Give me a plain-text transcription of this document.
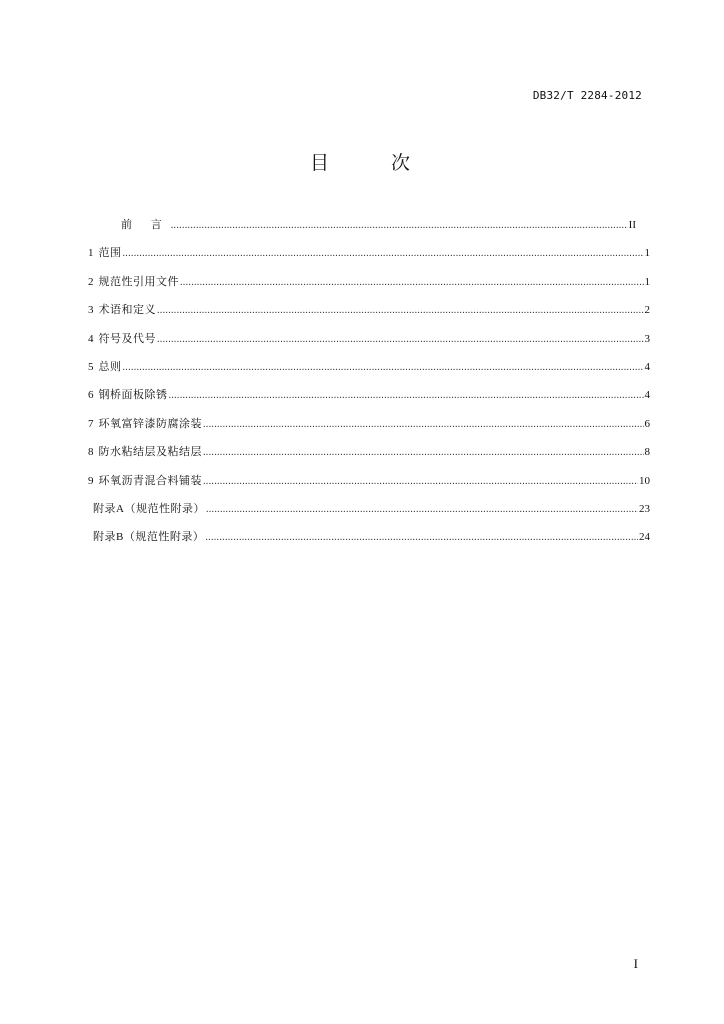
DB32/T 2284-2012
目 次
前 言 .....	II
1 范围 .....	1
2 规范性引用文件 .....	1
3 术语和定义 .....	2
4 符号及代号 .....	3
5 总则 .....	4
6 钢桥面板除锈 .....	4
7 环氧富锌漆防腐涂装 .....	6
8 防水粘结层及粘结层 .....	8
9 环氧沥青混合料铺装 .....	10
附录A（规范性附录） .....	23
附录B（规范性附录） .....	24
I
